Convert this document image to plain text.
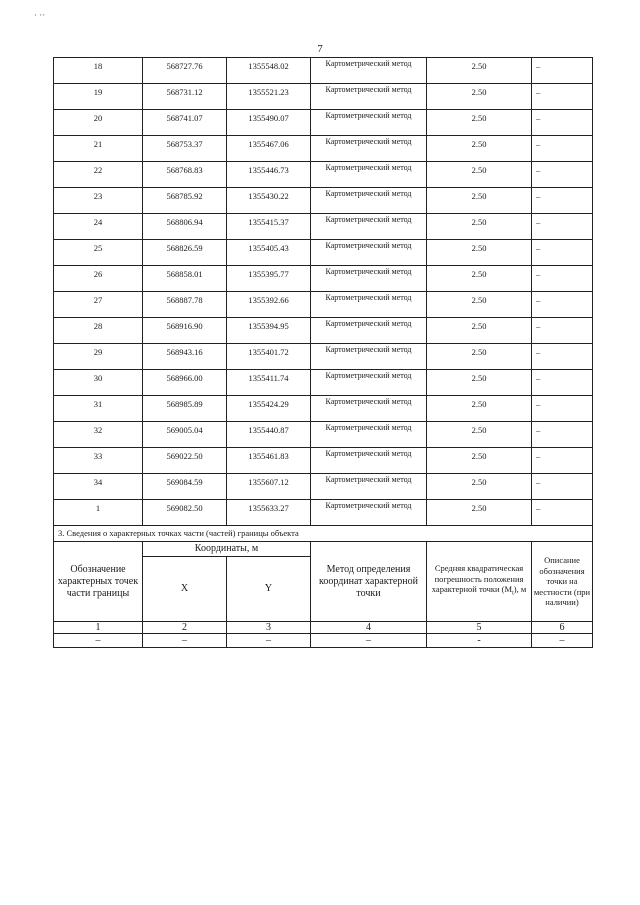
· ··
7
18	568727.76	1355548.02	Картометрический метод	2.50	–
19	568731.12	1355521.23	Картометрический метод	2.50	–
20	568741.07	1355490.07	Картометрический метод	2.50	–
21	568753.37	1355467.06	Картометрический метод	2.50	–
22	568768.83	1355446.73	Картометрический метод	2.50	–
23	568785.92	1355430.22	Картометрический метод	2.50	–
24	568806.94	1355415.37	Картометрический метод	2.50	–
25	568826.59	1355405.43	Картометрический метод	2.50	–
26	568858.01	1355395.77	Картометрический метод	2.50	–
27	568887.78	1355392.66	Картометрический метод	2.50	–
28	568916.90	1355394.95	Картометрический метод	2.50	–
29	568943.16	1355401.72	Картометрический метод	2.50	–
30	568966.00	1355411.74	Картометрический метод	2.50	–
31	568985.89	1355424.29	Картометрический метод	2.50	–
32	569005.04	1355440.87	Картометрический метод	2.50	–
33	569022.50	1355461.83	Картометрический метод	2.50	–
34	569084.59	1355607.12	Картометрический метод	2.50	–
1	569082.50	1355633.27	Картометрический метод	2.50	–
3. Сведения о характерных точках части (частей) границы объекта					
Обозначение характерных точек части границы	Координаты, м		Метод определения координат характерной точки	Средняя квадратическая погрешность положения характерной точки $(M_t)$, м	Описание обозначения точки на местности (при наличии)
	X	Y			
1	2	3	4	5	6
–	–	–	–	-	–
